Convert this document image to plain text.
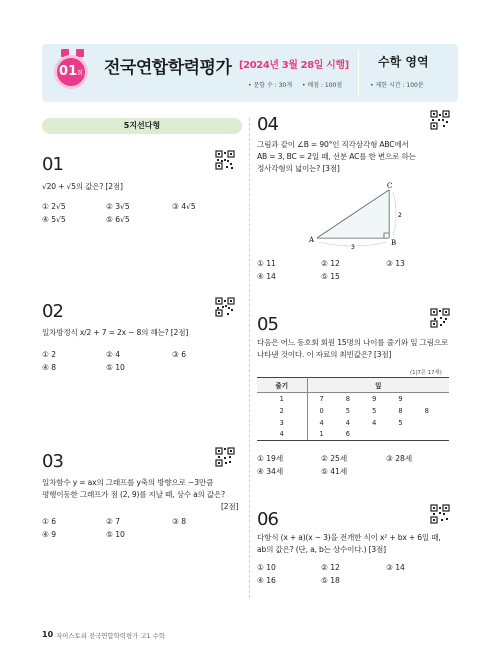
01회 전국연합학력평가 [2024년 3월 28일 시행]
• 문항 수 : 30개 • 배점 : 100점
수학 영역
• 제한 시간 : 100분
5지선다형
01
√20 + √5의 값은? [2점]
① 2√5	② 3√5	③ 4√5
④ 5√5	⑤ 6√5
02
일차방정식 x/2 + 7 = 2x − 8의 해는? [2점]
① 2	② 4	③ 6
④ 8	⑤ 10
03
일차함수 y = ax의 그래프를 y축의 방향으로 −3만큼
평행이동한 그래프가 점 (2, 9)를 지날 때, 상수 a의 값은?
[2점]
① 6	② 7	③ 8
④ 9	⑤ 10
04
그림과 같이 ∠B = 90°인 직각삼각형 ABC에서
AB = 3, BC = 2일 때, 선분 AC를 한 변으로 하는
정사각형의 넓이는? [3점]
A	B
C
3
2
① 11	② 12	③ 13
④ 14	⑤ 15
05
다음은 어느 동호회 회원 15명의 나이를 줄기와 잎 그림으로
나타낸 것이다. 이 자료의 최빈값은? [3점]
(1|7은 17세)
줄기	잎
1	7 8 9 9
2	0 5 5 8 8
3	4 4 4 5
4	1 6
① 19세	② 25세	③ 28세
④ 34세	⑤ 41세
06
다항식 (x + a)(x − 3)을 전개한 식이 x² + bx + 6일 때,
ab의 값은? (단, a, b는 상수이다.) [3점]
① 10	② 12	③ 14
④ 16	⑤ 18
10 자이스토리 전국연합학력평가 고1 수학
